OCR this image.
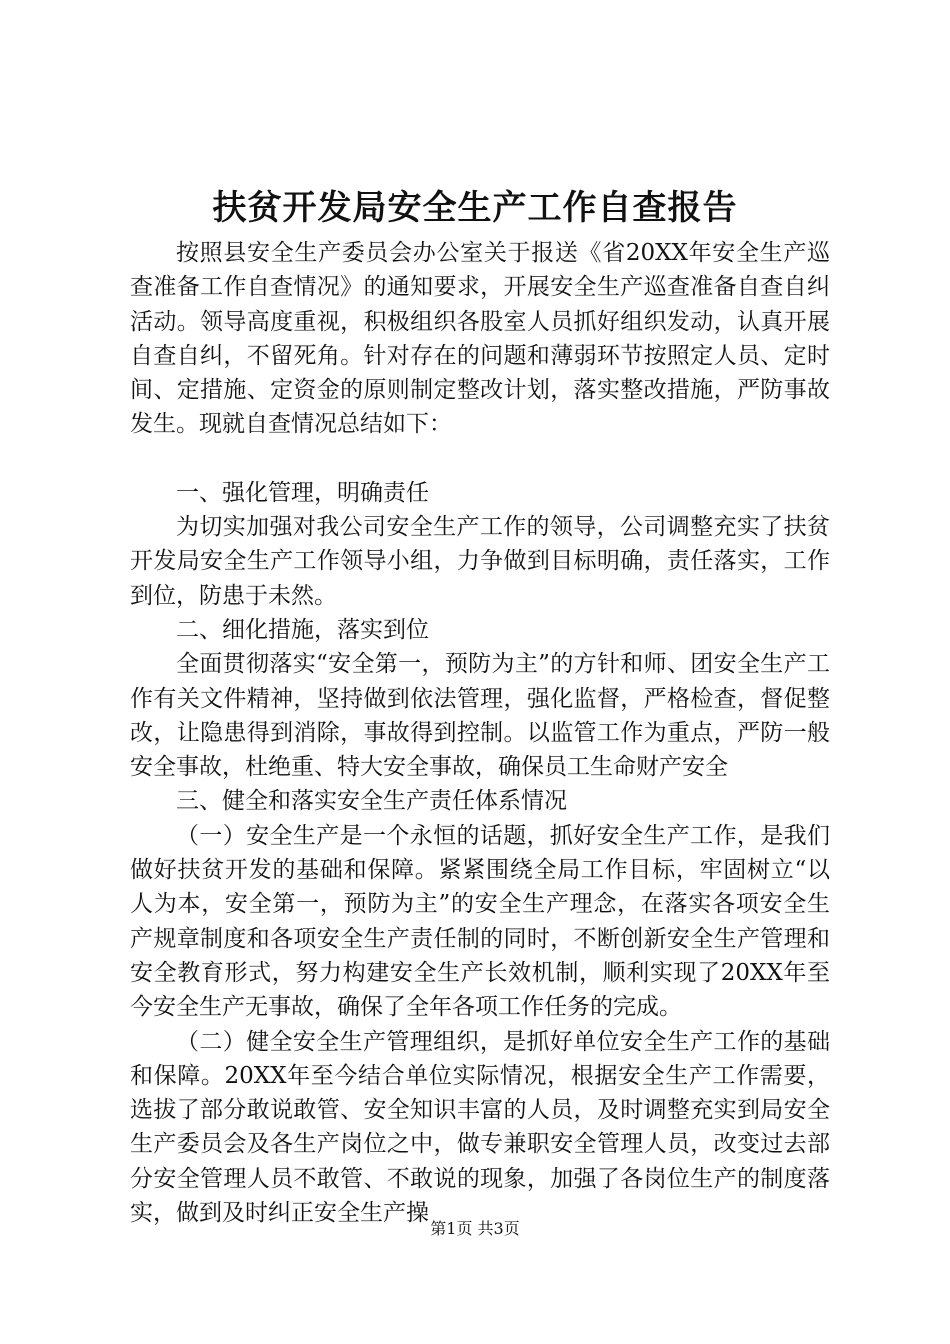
扶贫开发局安全生产工作自查报告

按照县安全生产委员会办公室关于报送《省20XX年安全生产巡查准备工作自查情况》的通知要求，开展安全生产巡查准备自查自纠活动。领导高度重视，积极组织各股室人员抓好组织发动，认真开展自查自纠，不留死角。针对存在的问题和薄弱环节按照定人员、定时间、定措施、定资金的原则制定整改计划，落实整改措施，严防事故发生。现就自查情况总结如下：

一、强化管理，明确责任

为切实加强对我公司安全生产工作的领导，公司调整充实了扶贫开发局安全生产工作领导小组，力争做到目标明确，责任落实，工作到位，防患于未然。

二、细化措施，落实到位

全面贯彻落实“安全第一，预防为主”的方针和师、团安全生产工作有关文件精神，坚持做到依法管理，强化监督，严格检查，督促整改，让隐患得到消除，事故得到控制。以监管工作为重点，严防一般安全事故，杜绝重、特大安全事故，确保员工生命财产安全

三、健全和落实安全生产责任体系情况

（一）安全生产是一个永恒的话题，抓好安全生产工作，是我们做好扶贫开发的基础和保障。紧紧围绕全局工作目标，牢固树立“以人为本，安全第一，预防为主”的安全生产理念，在落实各项安全生产规章制度和各项安全生产责任制的同时，不断创新安全生产管理和安全教育形式，努力构建安全生产长效机制，顺利实现了20XX年至今安全生产无事故，确保了全年各项工作任务的完成。

（二）健全安全生产管理组织，是抓好单位安全生产工作的基础和保障。20XX年至今结合单位实际情况，根据安全生产工作需要，选拔了部分敢说敢管、安全知识丰富的人员，及时调整充实到局安全生产委员会及各生产岗位之中，做专兼职安全管理人员，改变过去部分安全管理人员不敢管、不敢说的现象，加强了各岗位生产的制度落实，做到及时纠正安全生产操

第1页 共3页
